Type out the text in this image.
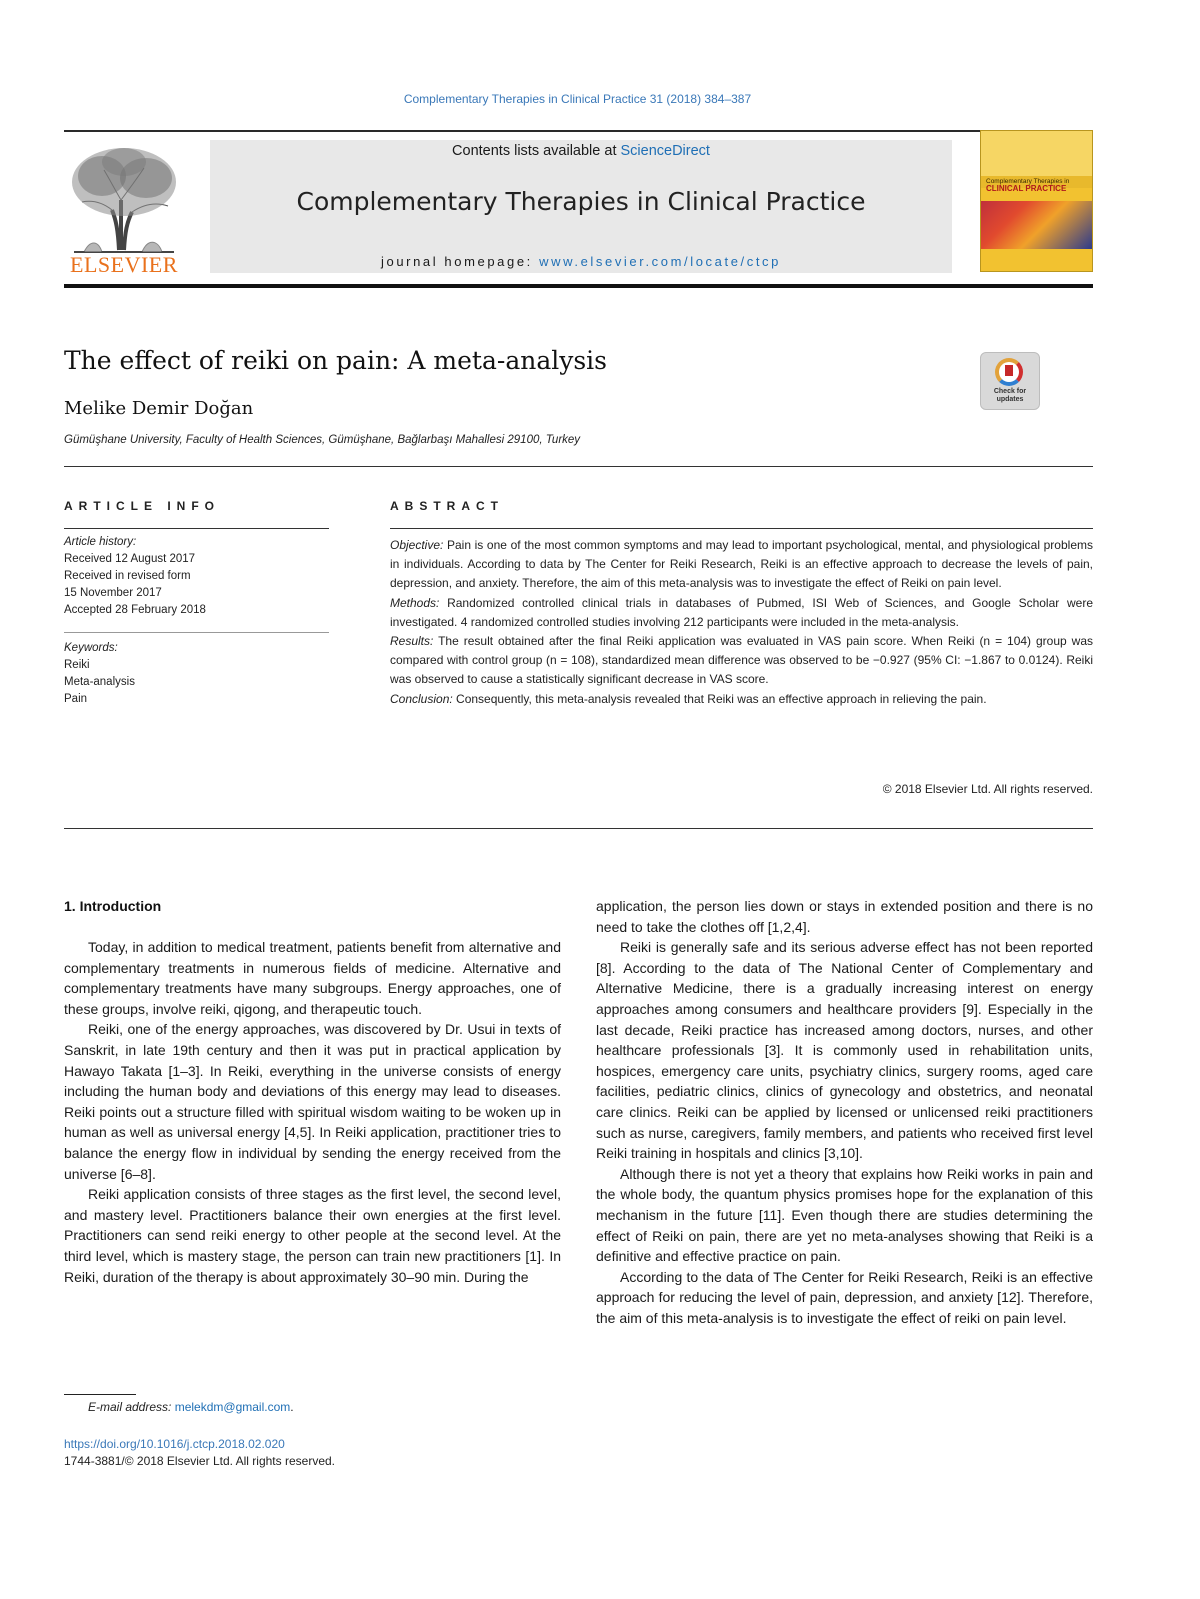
Complementary Therapies in Clinical Practice 31 (2018) 384–387
ELSEVIER
Contents lists available at ScienceDirect
Complementary Therapies in Clinical Practice
journal homepage: www.elsevier.com/locate/ctcp
Complementary Therapies in
CLINICAL PRACTICE
The effect of reiki on pain: A meta-analysis
Melike Demir Doğan
Gümüşhane University, Faculty of Health Sciences, Gümüşhane, Bağlarbaşı Mahallesi 29100, Turkey
Check for updates
ARTICLE INFO	ABSTRACT
Article history:
Received 12 August 2017
Received in revised form
15 November 2017
Accepted 28 February 2018
Keywords:
Reiki
Meta-analysis
Pain

Objective: Pain is one of the most common symptoms and may lead to important psychological, mental, and physiological problems in individuals. According to data by The Center for Reiki Research, Reiki is an effective approach to decrease the levels of pain, depression, and anxiety. Therefore, the aim of this meta-analysis was to investigate the effect of Reiki on pain level.

Methods: Randomized controlled clinical trials in databases of Pubmed, ISI Web of Sciences, and Google Scholar were investigated. 4 randomized controlled studies involving 212 participants were included in the meta-analysis.

Results: The result obtained after the final Reiki application was evaluated in VAS pain score. When Reiki (n = 104) group was compared with control group (n = 108), standardized mean difference was observed to be −0.927 (95% CI: −1.867 to 0.0124). Reiki was observed to cause a statistically significant decrease in VAS score.

Conclusion: Consequently, this meta-analysis revealed that Reiki was an effective approach in relieving the pain.

© 2018 Elsevier Ltd. All rights reserved.
1. Introduction

Today, in addition to medical treatment, patients benefit from alternative and complementary treatments in numerous fields of medicine. Alternative and complementary treatments have many subgroups. Energy approaches, one of these groups, involve reiki, qigong, and therapeutic touch.

Reiki, one of the energy approaches, was discovered by Dr. Usui in texts of Sanskrit, in late 19th century and then it was put in practical application by Hawayo Takata [1–3]. In Reiki, everything in the universe consists of energy including the human body and deviations of this energy may lead to diseases. Reiki points out a structure filled with spiritual wisdom waiting to be woken up in human as well as universal energy [4,5]. In Reiki application, practitioner tries to balance the energy flow in individual by sending the energy received from the universe [6–8].

Reiki application consists of three stages as the first level, the second level, and mastery level. Practitioners balance their own energies at the first level. Practitioners can send reiki energy to other people at the second level. At the third level, which is mastery stage, the person can train new practitioners [1]. In Reiki, duration of the therapy is about approximately 30–90 min. During the

application, the person lies down or stays in extended position and there is no need to take the clothes off [1,2,4].

Reiki is generally safe and its serious adverse effect has not been reported [8]. According to the data of The National Center of Complementary and Alternative Medicine, there is a gradually increasing interest on energy approaches among consumers and healthcare providers [9]. Especially in the last decade, Reiki practice has increased among doctors, nurses, and other healthcare professionals [3]. It is commonly used in rehabilitation units, hospices, emergency care units, psychiatry clinics, surgery rooms, aged care facilities, pediatric clinics, clinics of gynecology and obstetrics, and neonatal care clinics. Reiki can be applied by licensed or unlicensed reiki practitioners such as nurse, caregivers, family members, and patients who received first level Reiki training in hospitals and clinics [3,10].

Although there is not yet a theory that explains how Reiki works in pain and the whole body, the quantum physics promises hope for the explanation of this mechanism in the future [11]. Even though there are studies determining the effect of Reiki on pain, there are yet no meta-analyses showing that Reiki is a definitive and effective practice on pain.

According to the data of The Center for Reiki Research, Reiki is an effective approach for reducing the level of pain, depression, and anxiety [12]. Therefore, the aim of this meta-analysis is to investigate the effect of reiki on pain level.

E-mail address: melekdm@gmail.com.
https://doi.org/10.1016/j.ctcp.2018.02.020
1744-3881/© 2018 Elsevier Ltd. All rights reserved.
